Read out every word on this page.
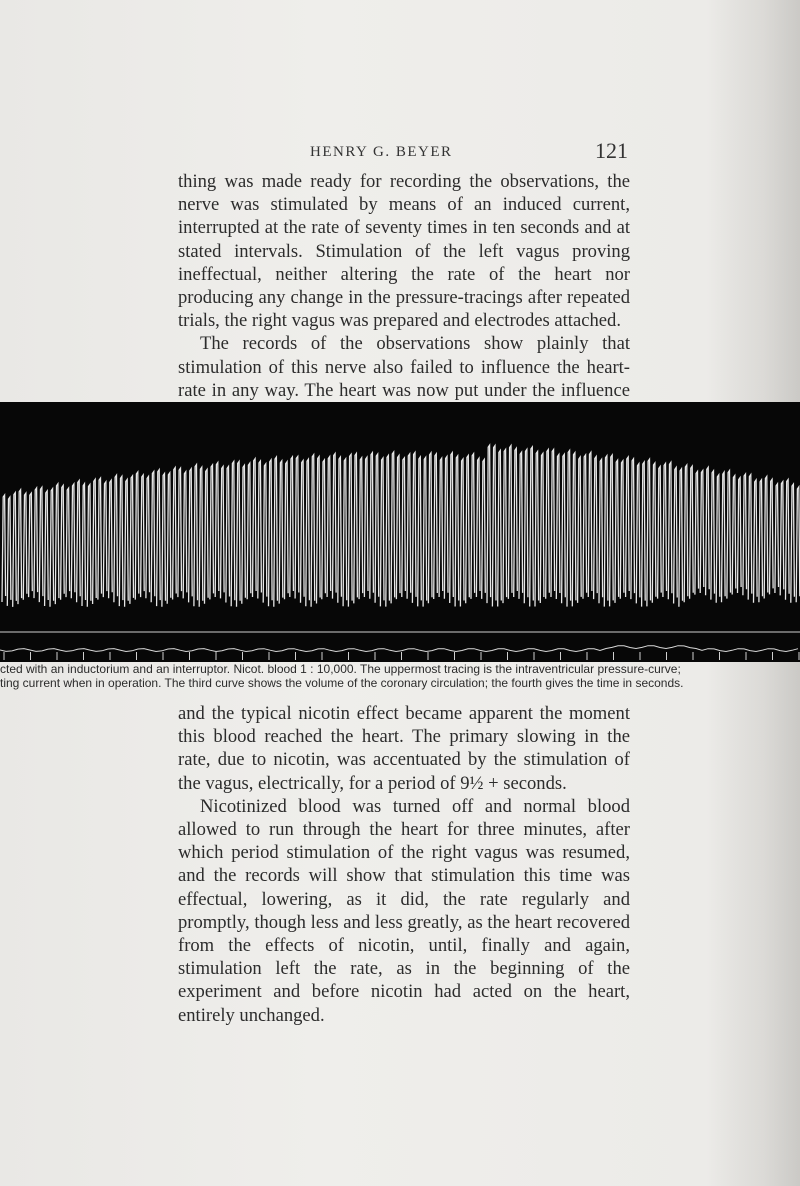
HENRY G. BEYER	121

thing was made ready for recording the observations, the nerve was stimulated by means of an induced current, interrupted at the rate of seventy times in ten seconds and at stated intervals. Stimulation of the left vagus proving ineffectual, neither altering the rate of the heart nor producing any change in the pressure-tracings after repeated trials, the right vagus was prepared and electrodes attached.

The records of the observations show plainly that stimulation of this nerve also failed to influence the heart-rate in any way. The heart was now put under the influence

cted with an inductorium and an interruptor. Nicot. blood 1 : 10,000. The uppermost tracing is the intraventricular pressure-curve;
ting current when in operation. The third curve shows the volume of the coronary circulation; the fourth gives the time in seconds.

and the typical nicotin effect became apparent the moment this blood reached the heart. The primary slowing in the rate, due to nicotin, was accentuated by the stimulation of the vagus, electrically, for a period of 9½ + seconds.

Nicotinized blood was turned off and normal blood allowed to run through the heart for three minutes, after which period stimulation of the right vagus was resumed, and the records will show that stimulation this time was effectual, lowering, as it did, the rate regularly and promptly, though less and less greatly, as the heart recovered from the effects of nicotin, until, finally and again, stimulation left the rate, as in the beginning of the experiment and before nicotin had acted on the heart, entirely unchanged.
